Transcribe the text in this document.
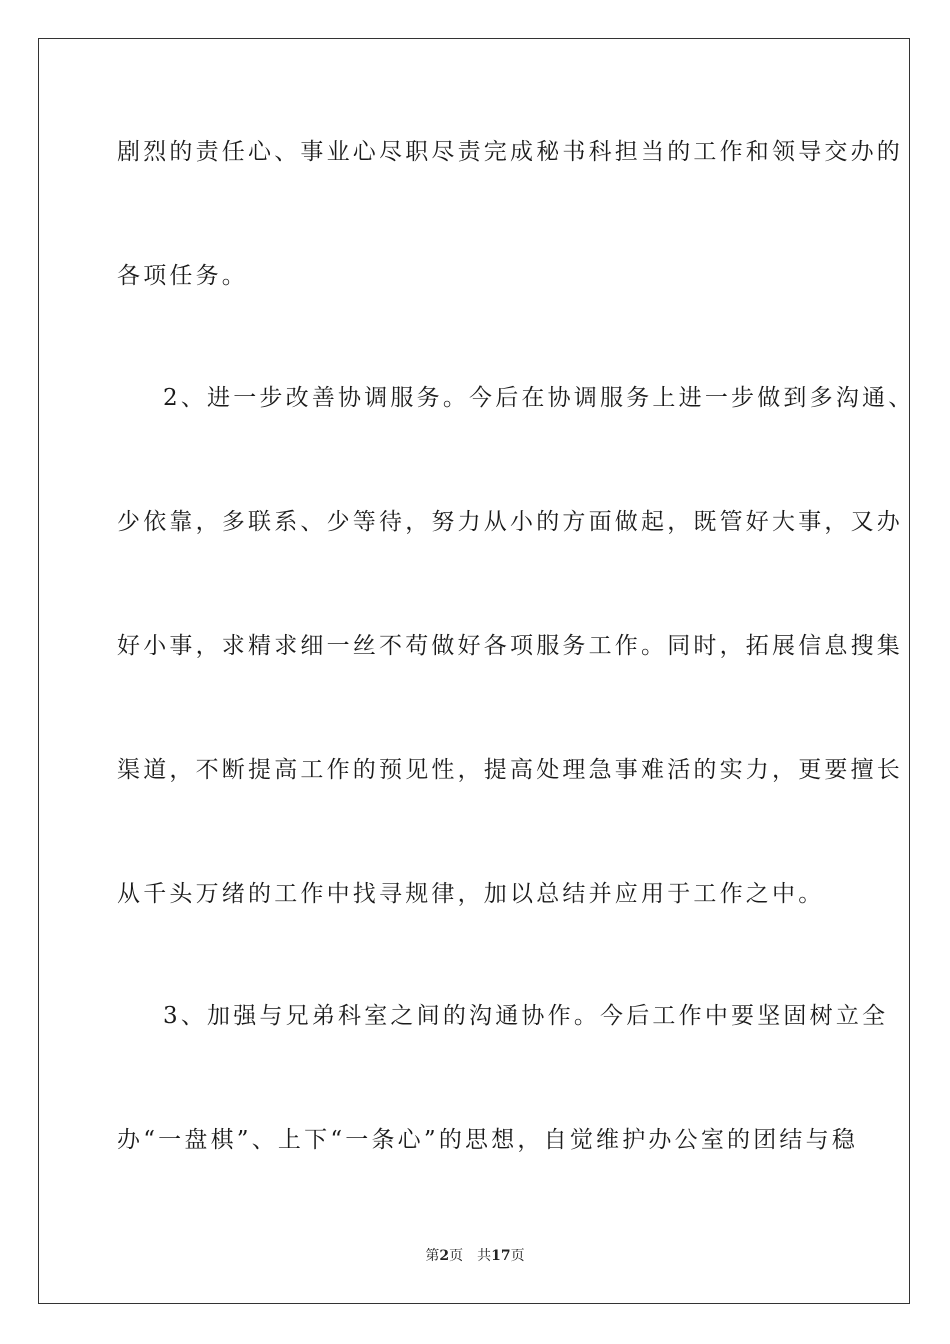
剧烈的责任心、事业心尽职尽责完成秘书科担当的工作和领导交办的
各项任务。
2、进一步改善协调服务。今后在协调服务上进一步做到多沟通、
少依靠，多联系、少等待，努力从小的方面做起，既管好大事，又办
好小事，求精求细一丝不苟做好各项服务工作。同时，拓展信息搜集
渠道，不断提高工作的预见性，提高处理急事难活的实力，更要擅长
从千头万绪的工作中找寻规律，加以总结并应用于工作之中。
3、加强与兄弟科室之间的沟通协作。今后工作中要坚固树立全
办“一盘棋”、上下“一条心”的思想，自觉维护办公室的团结与稳
第2页 共17页
